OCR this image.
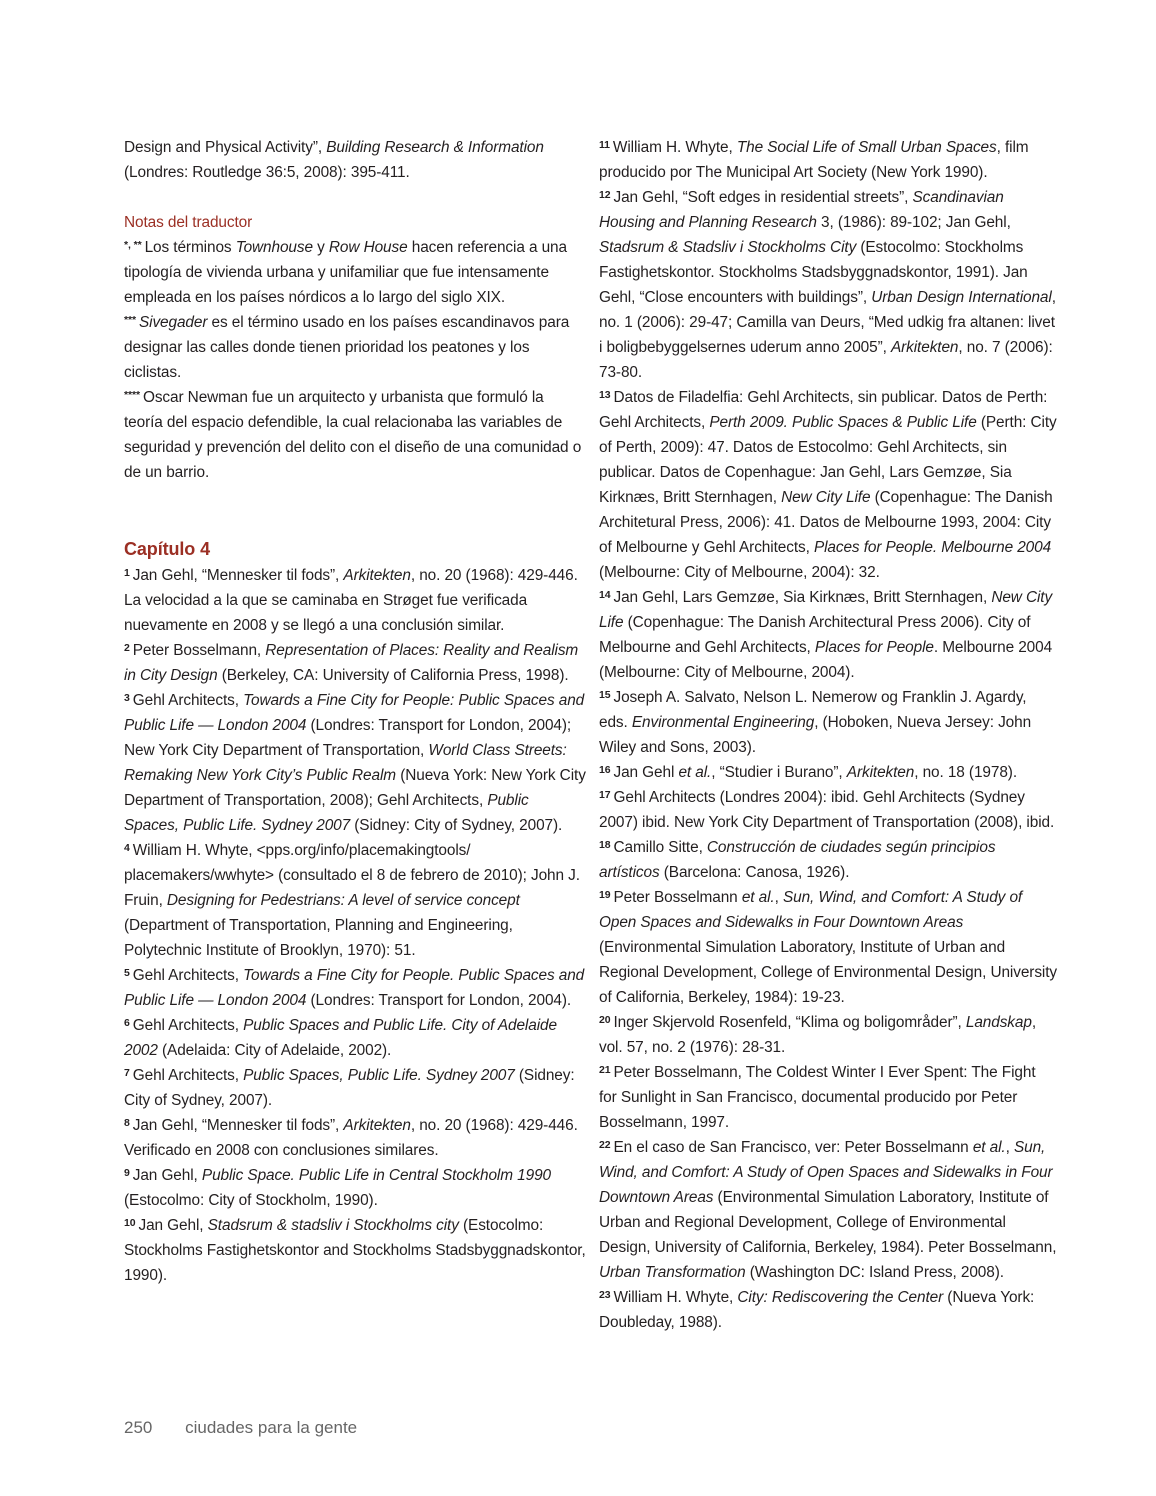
Design and Physical Activity”, Building Research & Information (Londres: Routledge 36:5, 2008): 395-411.

Notas del traductor

*, ** Los términos Townhouse y Row House hacen referencia a una tipología de vivienda urbana y unifamiliar que fue intensamente empleada en los países nórdicos a lo largo del siglo XIX.

*** Sivegader es el término usado en los países escandinavos para designar las calles donde tienen prioridad los peatones y los ciclistas.

**** Oscar Newman fue un arquitecto y urbanista que formuló la teoría del espacio defendible, la cual relacionaba las variables de seguridad y prevención del delito con el diseño de una comunidad o de un barrio.

Capítulo 4

$^1$ Jan Gehl, “Mennesker til fods”, Arkitekten, no. 20 (1968): 429-446. La velocidad a la que se caminaba en Strøget fue verificada nuevamente en 2008 y se llegó a una conclusión similar.

$^2$ Peter Bosselmann, Representation of Places: Reality and Realism in City Design (Berkeley, CA: University of California Press, 1998).

$^3$ Gehl Architects, Towards a Fine City for People: Public Spaces and Public Life — London 2004 (Londres: Transport for London, 2004); New York City Department of Transportation, World Class Streets: Remaking New York City’s Public Realm (Nueva York: New York City Department of Transportation, 2008); Gehl Architects, Public Spaces, Public Life. Sydney 2007 (Sidney: City of Sydney, 2007).

$^4$ William H. Whyte, <pps.org/info/placemakingtools/ placemakers/wwhyte> (consultado el 8 de febrero de 2010); John J. Fruin, Designing for Pedestrians: A level of service concept (Department of Transportation, Planning and Engineering, Polytechnic Institute of Brooklyn, 1970): 51.

$^5$ Gehl Architects, Towards a Fine City for People. Public Spaces and Public Life — London 2004 (Londres: Transport for London, 2004).

$^6$ Gehl Architects, Public Spaces and Public Life. City of Adelaide 2002 (Adelaida: City of Adelaide, 2002).

$^7$ Gehl Architects, Public Spaces, Public Life. Sydney 2007 (Sidney: City of Sydney, 2007).

$^8$ Jan Gehl, “Mennesker til fods”, Arkitekten, no. 20 (1968): 429-446. Verificado en 2008 con conclusiones similares.

$^9$ Jan Gehl, Public Space. Public Life in Central Stockholm 1990 (Estocolmo: City of Stockholm, 1990).

$^{10}$ Jan Gehl, Stadsrum & stadsliv i Stockholms city (Estocolmo: Stockholms Fastighetskontor and Stockholms Stadsbyggnadskontor, 1990).

$^{11}$ William H. Whyte, The Social Life of Small Urban Spaces, film producido por The Municipal Art Society (New York 1990).

$^{12}$ Jan Gehl, “Soft edges in residential streets”, Scandinavian Housing and Planning Research 3, (1986): 89-102; Jan Gehl, Stadsrum & Stadsliv i Stockholms City (Estocolmo: Stockholms Fastighetskontor. Stockholms Stadsbyggnadskontor, 1991). Jan Gehl, “Close encounters with buildings”, Urban Design International, no. 1 (2006): 29-47; Camilla van Deurs, “Med udkig fra altanen: livet i boligbebyggelsernes uderum anno 2005”, Arkitekten, no. 7 (2006): 73-80.

$^{13}$ Datos de Filadelfia: Gehl Architects, sin publicar. Datos de Perth: Gehl Architects, Perth 2009. Public Spaces & Public Life (Perth: City of Perth, 2009): 47. Datos de Estocolmo: Gehl Architects, sin publicar. Datos de Copenhague: Jan Gehl, Lars Gemzøe, Sia Kirknæs, Britt Sternhagen, New City Life (Copenhague: The Danish Architetural Press, 2006): 41. Datos de Melbourne 1993, 2004: City of Melbourne y Gehl Architects, Places for People. Melbourne 2004 (Melbourne: City of Melbourne, 2004): 32.

$^{14}$ Jan Gehl, Lars Gemzøe, Sia Kirknæs, Britt Sternhagen, New City Life (Copenhague: The Danish Architectural Press 2006). City of Melbourne and Gehl Architects, Places for People. Melbourne 2004 (Melbourne: City of Melbourne, 2004).

$^{15}$ Joseph A. Salvato, Nelson L. Nemerow og Franklin J. Agardy, eds. Environmental Engineering, (Hoboken, Nueva Jersey: John Wiley and Sons, 2003).

$^{16}$ Jan Gehl et al., “Studier i Burano”, Arkitekten, no. 18 (1978).

$^{17}$ Gehl Architects (Londres 2004): ibid. Gehl Architects (Sydney 2007) ibid. New York City Department of Transportation (2008), ibid.

$^{18}$ Camillo Sitte, Construcción de ciudades según principios artísticos (Barcelona: Canosa, 1926).

$^{19}$ Peter Bosselmann et al., Sun, Wind, and Comfort: A Study of Open Spaces and Sidewalks in Four Downtown Areas (Environmental Simulation Laboratory, Institute of Urban and Regional Development, College of Environmental Design, University of California, Berkeley, 1984): 19-23.

$^{20}$ Inger Skjervold Rosenfeld, “Klima og boligområder”, Landskap, vol. 57, no. 2 (1976): 28-31.

$^{21}$ Peter Bosselmann, The Coldest Winter I Ever Spent: The Fight for Sunlight in San Francisco, documental producido por Peter Bosselmann, 1997.

$^{22}$ En el caso de San Francisco, ver: Peter Bosselmann et al., Sun, Wind, and Comfort: A Study of Open Spaces and Sidewalks in Four Downtown Areas (Environmental Simulation Laboratory, Institute of Urban and Regional Development, College of Environmental Design, University of California, Berkeley, 1984). Peter Bosselmann, Urban Transformation (Washington DC: Island Press, 2008).

$^{23}$ William H. Whyte, City: Rediscovering the Center (Nueva York: Doubleday, 1988).

250 ciudades para la gente
